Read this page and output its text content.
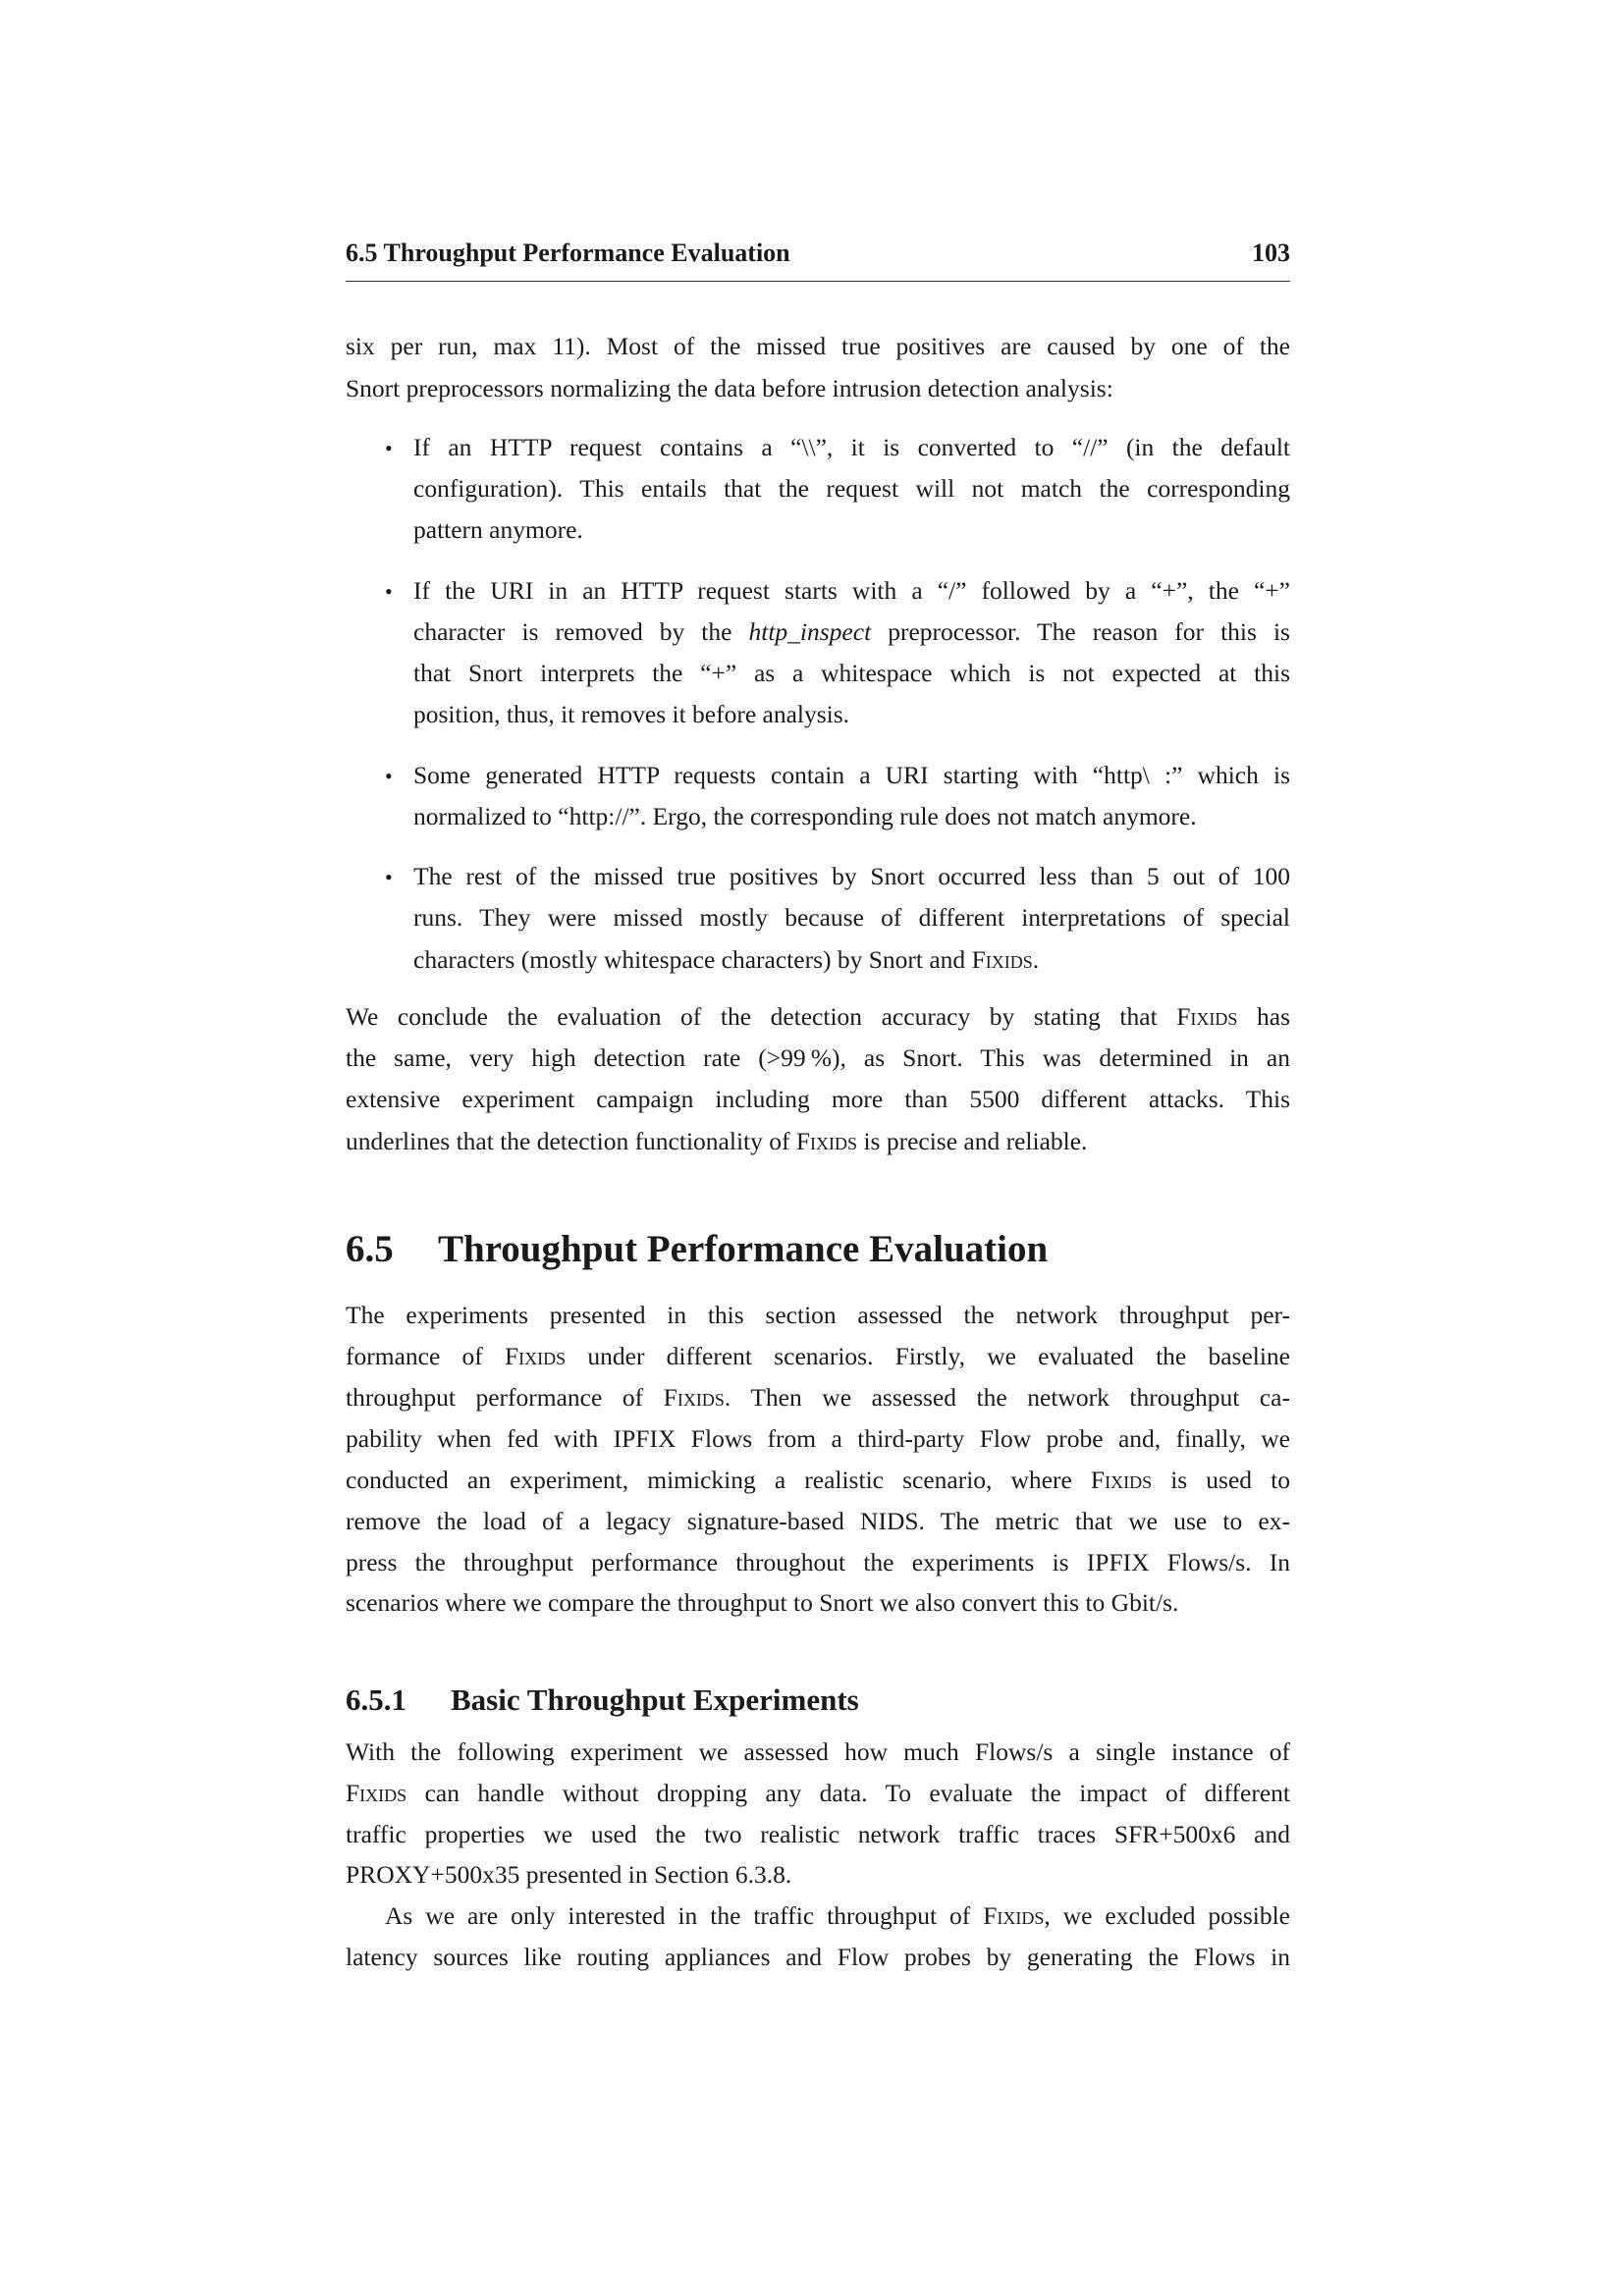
6.5 Throughput Performance Evaluation	103
6.5 Throughput Performance Evaluation
6.5.1 Basic Throughput Experiments
six per run, max 11). Most of the missed true positives are caused by one of the
Snort preprocessors normalizing the data before intrusion detection analysis:
If an HTTP request contains a “\\”, it is converted to “//” (in the default
•
configuration). This entails that the request will not match the corresponding
pattern anymore.
If the URI in an HTTP request starts with a “/” followed by a “+”, the “+”
•
character is removed by the http_inspect preprocessor. The reason for this is
that Snort interprets the “+” as a whitespace which is not expected at this
position, thus, it removes it before analysis.
Some generated HTTP requests contain a URI starting with “http\ :” which is
•
normalized to “http://”. Ergo, the corresponding rule does not match anymore.
The rest of the missed true positives by Snort occurred less than 5 out of 100
•
runs. They were missed mostly because of different interpretations of special
characters (mostly whitespace characters) by Snort and Fixids.
We conclude the evaluation of the detection accuracy by stating that Fixids has
the same, very high detection rate (>99 %), as Snort. This was determined in an
extensive experiment campaign including more than 5500 different attacks. This
underlines that the detection functionality of Fixids is precise and reliable.
The experiments presented in this section assessed the network throughput per-
formance of Fixids under different scenarios. Firstly, we evaluated the baseline
throughput performance of Fixids. Then we assessed the network throughput ca-
pability when fed with IPFIX Flows from a third-party Flow probe and, finally, we
conducted an experiment, mimicking a realistic scenario, where Fixids is used to
remove the load of a legacy signature-based NIDS. The metric that we use to ex-
press the throughput performance throughout the experiments is IPFIX Flows/s. In
scenarios where we compare the throughput to Snort we also convert this to Gbit/s.
With the following experiment we assessed how much Flows/s a single instance of
Fixids can handle without dropping any data. To evaluate the impact of different
traffic properties we used the two realistic network traffic traces SFR+500x6 and
PROXY+500x35 presented in Section 6.3.8.
As we are only interested in the traffic throughput of Fixids, we excluded possible
latency sources like routing appliances and Flow probes by generating the Flows in
